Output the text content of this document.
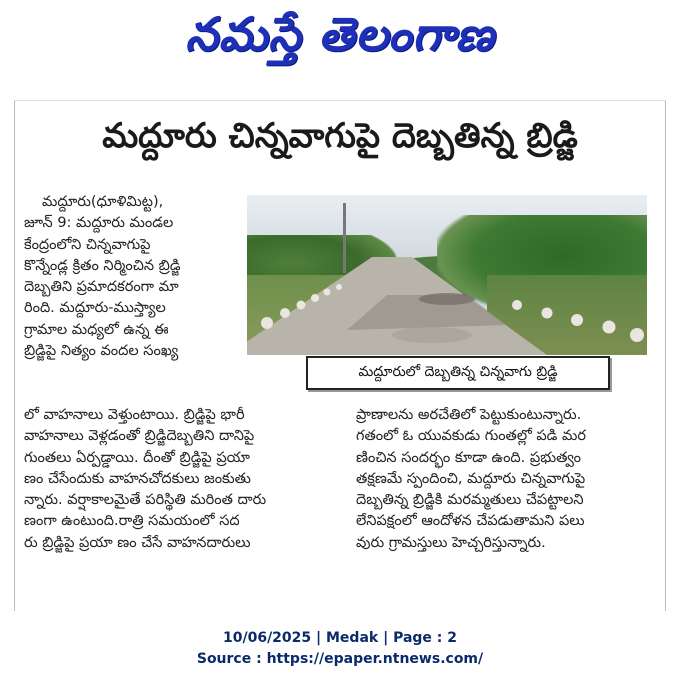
నమస్తే తెలంగాణ
మద్దూరు చిన్నవాగుపై దెబ్బతిన్న బ్రిడ్జి
మద్దూరు(ధూళిమిట్ట),
జూన్ 9: మద్దూరు మండల
కేంద్రంలోని చిన్నవాగుపై
కొన్నేండ్ల క్రితం నిర్మించిన బ్రిడ్జి
దెబ్బతిని ప్రమాదకరంగా మా
రింది. మద్దూరు-ముస్త్యాల
గ్రామాల మధ్యలో ఉన్న ఈ
బ్రిడ్జిపై నిత్యం వందల సంఖ్య
మద్దూరులో దెబ్బతిన్న చిన్నవాగు బ్రిడ్జి
లో వాహనాలు వెళ్తుంటాయి. బ్రిడ్జిపై భారీ
వాహనాలు వెళ్లడంతో బ్రిడ్జిదెబ్బతిని దానిపై
గుంతలు ఏర్పడ్డాయి. దీంతో బ్రిడ్జిపై ప్రయా
ణం చేసేందుకు వాహనచోదకులు జంకుతు
న్నారు. వర్షాకాలమైతే పరిస్థితి మరింత దారు
ణంగా ఉంటుంది.రాత్రి సమయంలో సద
రు బ్రిడ్జిపై ప్రయా ణం చేసే వాహనదారులు
ప్రాణాలను అరచేతిలో పెట్టుకుంటున్నారు.
గతంలో ఓ యువకుడు గుంతల్లో పడి మర
ణించిన సందర్భం కూడా ఉంది. ప్రభుత్వం
తక్షణమే స్పందించి, మద్దూరు చిన్నవాగుపై
దెబ్బతిన్న బ్రిడ్జికి మరమ్మతులు చేపట్టాలని
లేనిపక్షంలో ఆందోళన చేపడుతామని పలు
వురు గ్రామస్తులు హెచ్చరిస్తున్నారు.
10/06/2025 | Medak | Page : 2
Source : https://epaper.ntnews.com/
